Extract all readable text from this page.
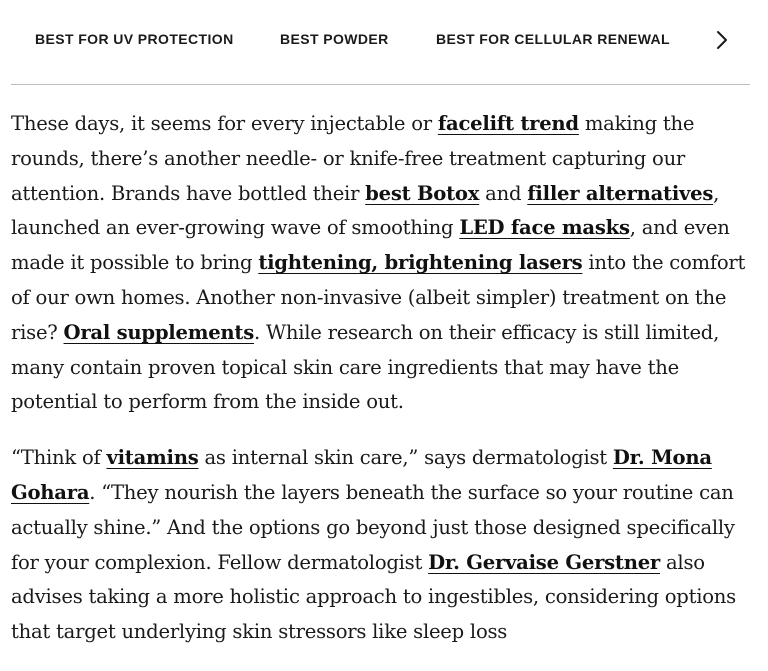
BEST FOR UV PROTECTION	BEST POWDER	BEST FOR CELLULAR RENEWAL

These days, it seems for every injectable or facelift trend making the rounds, there’s another needle- or knife-free treatment capturing our attention. Brands have bottled their best Botox and filler alternatives, launched an ever-growing wave of smoothing LED face masks, and even made it possible to bring tightening, brightening lasers into the comfort of our own homes. Another non-invasive (albeit simpler) treatment on the rise? Oral supplements. While research on their efficacy is still limited, many contain proven topical skin care ingredients that may have the potential to perform from the inside out.

“Think of vitamins as internal skin care,” says dermatologist Dr. Mona Gohara. “They nourish the layers beneath the surface so your routine can actually shine.” And the options go beyond just those designed specifically for your complexion. Fellow dermatologist Dr. Gervaise Gerstner also advises taking a more holistic approach to ingestibles, considering options that target underlying skin stressors like sleep loss
